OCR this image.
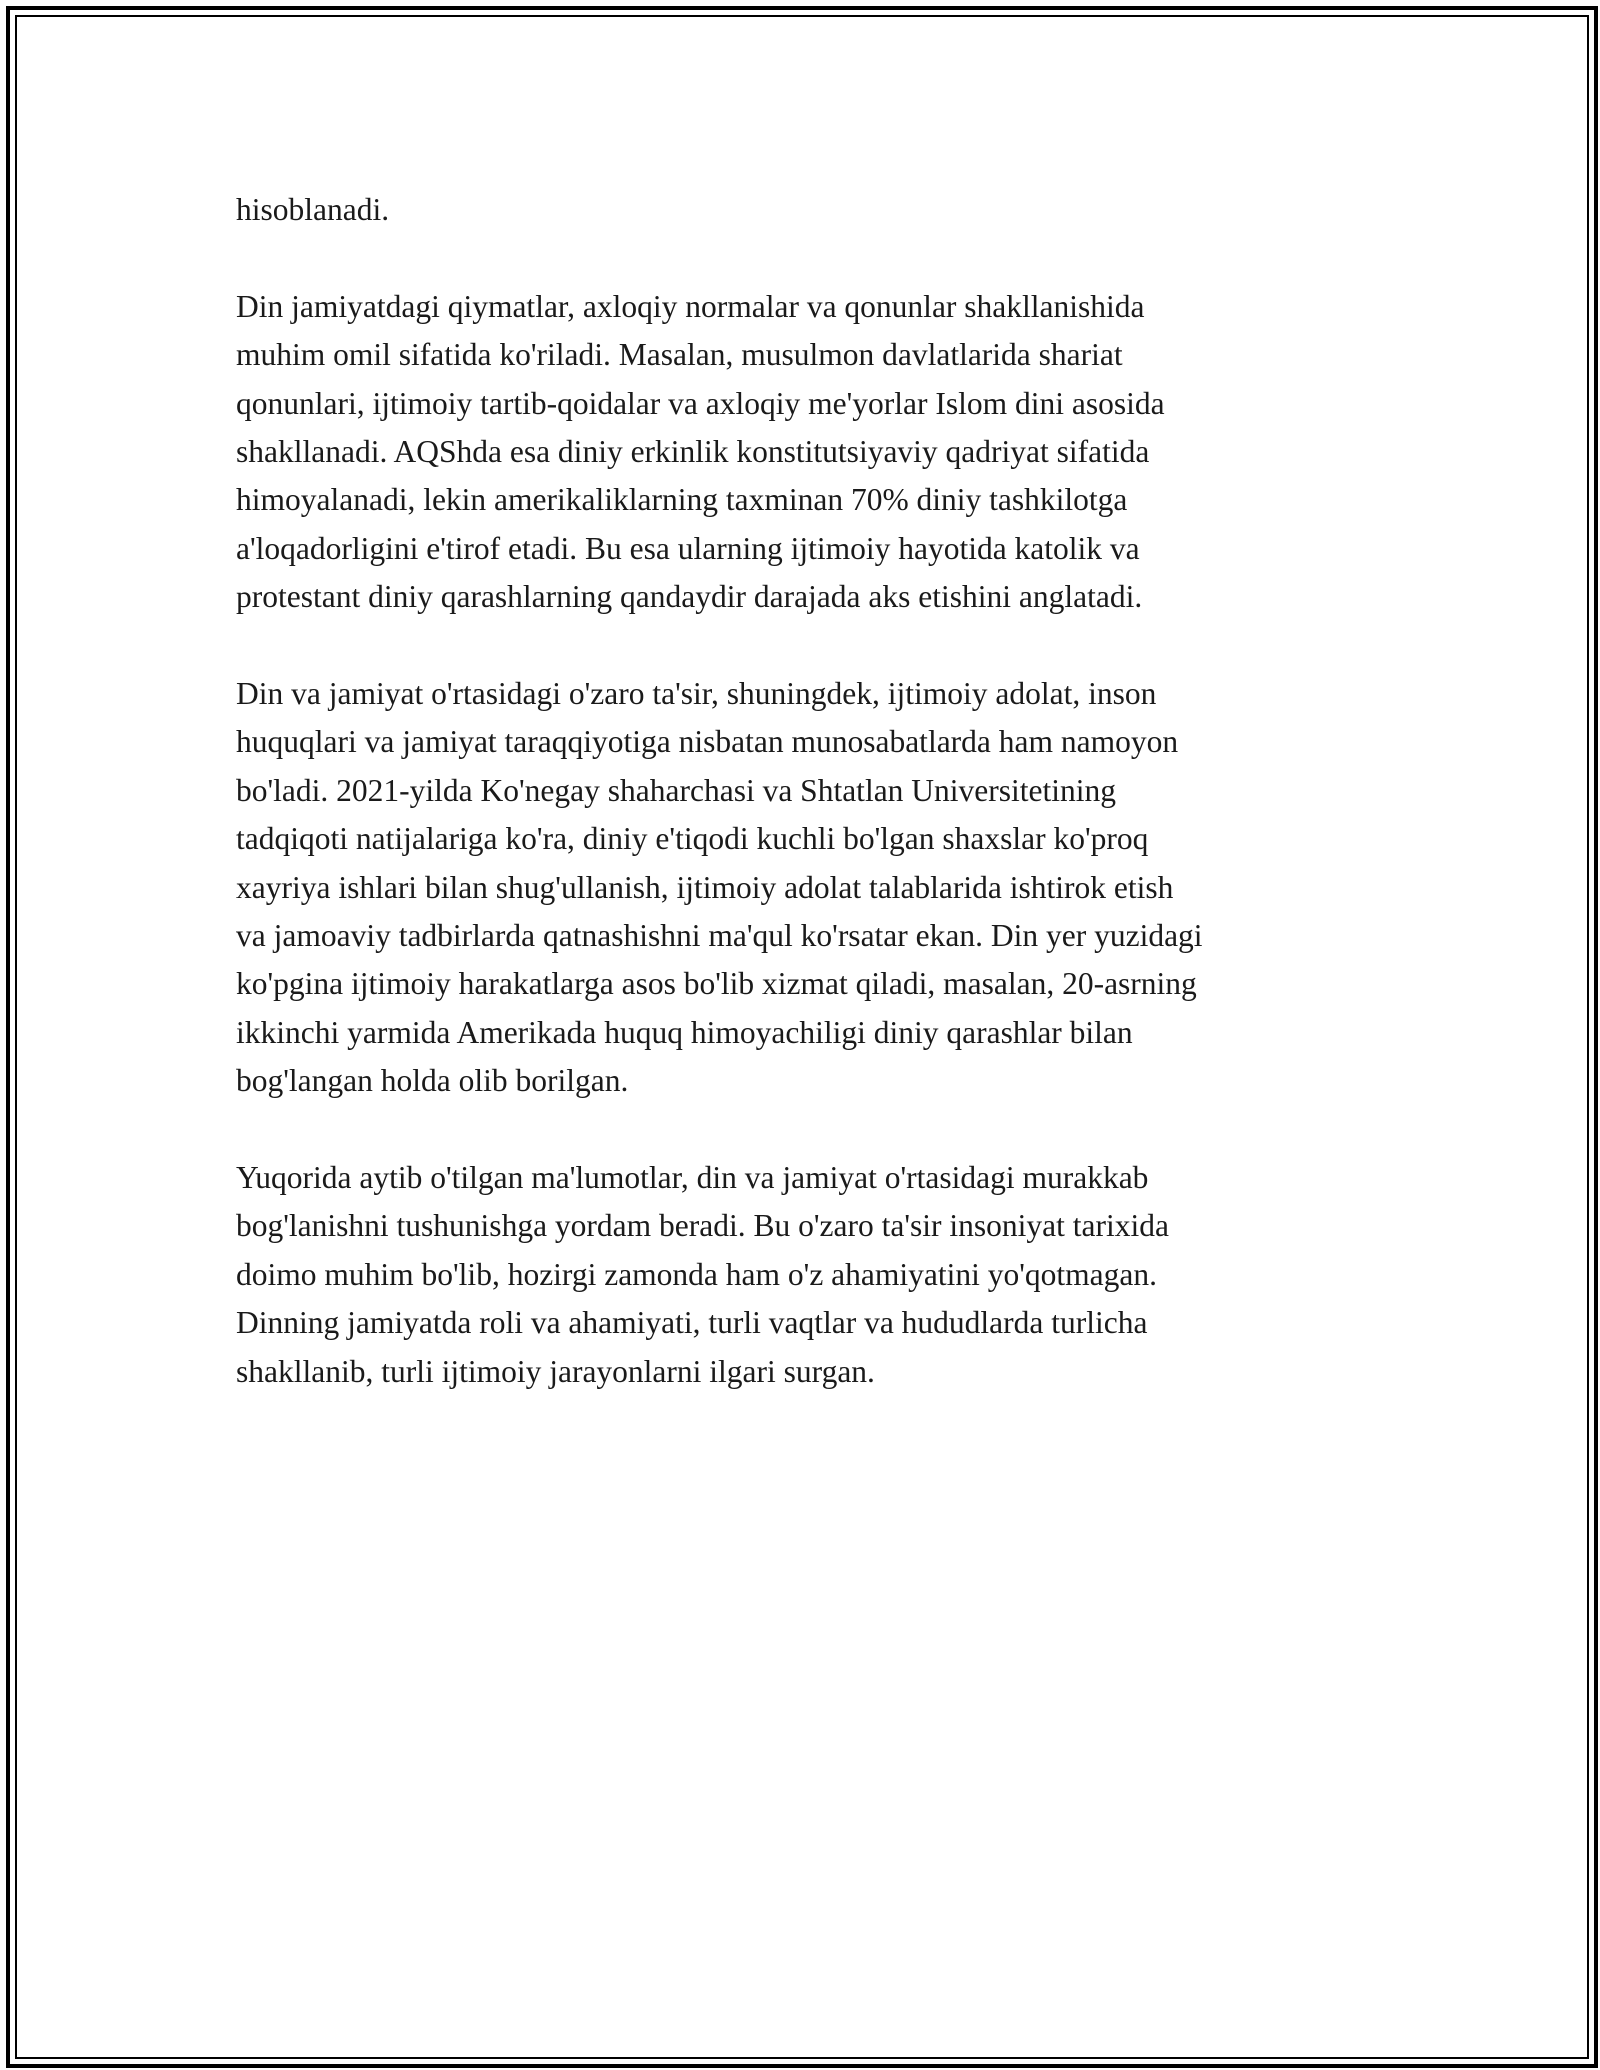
hisoblanadi.

Din jamiyatdagi qiymatlar, axloqiy normalar va qonunlar shakllanishida
muhim omil sifatida ko'riladi. Masalan, musulmon davlatlarida shariat
qonunlari, ijtimoiy tartib-qoidalar va axloqiy me'yorlar Islom dini asosida
shakllanadi. AQShda esa diniy erkinlik konstitutsiyaviy qadriyat sifatida
himoyalanadi, lekin amerikaliklarning taxminan 70% diniy tashkilotga
a'loqadorligini e'tirof etadi. Bu esa ularning ijtimoiy hayotida katolik va
protestant diniy qarashlarning qandaydir darajada aks etishini anglatadi.

Din va jamiyat o'rtasidagi o'zaro ta'sir, shuningdek, ijtimoiy adolat, inson
huquqlari va jamiyat taraqqiyotiga nisbatan munosabatlarda ham namoyon
bo'ladi. 2021-yilda Ko'negay shaharchasi va Shtatlan Universitetining
tadqiqoti natijalariga ko'ra, diniy e'tiqodi kuchli bo'lgan shaxslar ko'proq
xayriya ishlari bilan shug'ullanish, ijtimoiy adolat talablarida ishtirok etish
va jamoaviy tadbirlarda qatnashishni ma'qul ko'rsatar ekan. Din yer yuzidagi
ko'pgina ijtimoiy harakatlarga asos bo'lib xizmat qiladi, masalan, 20-asrning
ikkinchi yarmida Amerikada huquq himoyachiligi diniy qarashlar bilan
bog'langan holda olib borilgan.

Yuqorida aytib o'tilgan ma'lumotlar, din va jamiyat o'rtasidagi murakkab
bog'lanishni tushunishga yordam beradi. Bu o'zaro ta'sir insoniyat tarixida
doimo muhim bo'lib, hozirgi zamonda ham o'z ahamiyatini yo'qotmagan.
Dinning jamiyatda roli va ahamiyati, turli vaqtlar va hududlarda turlicha
shakllanib, turli ijtimoiy jarayonlarni ilgari surgan.
